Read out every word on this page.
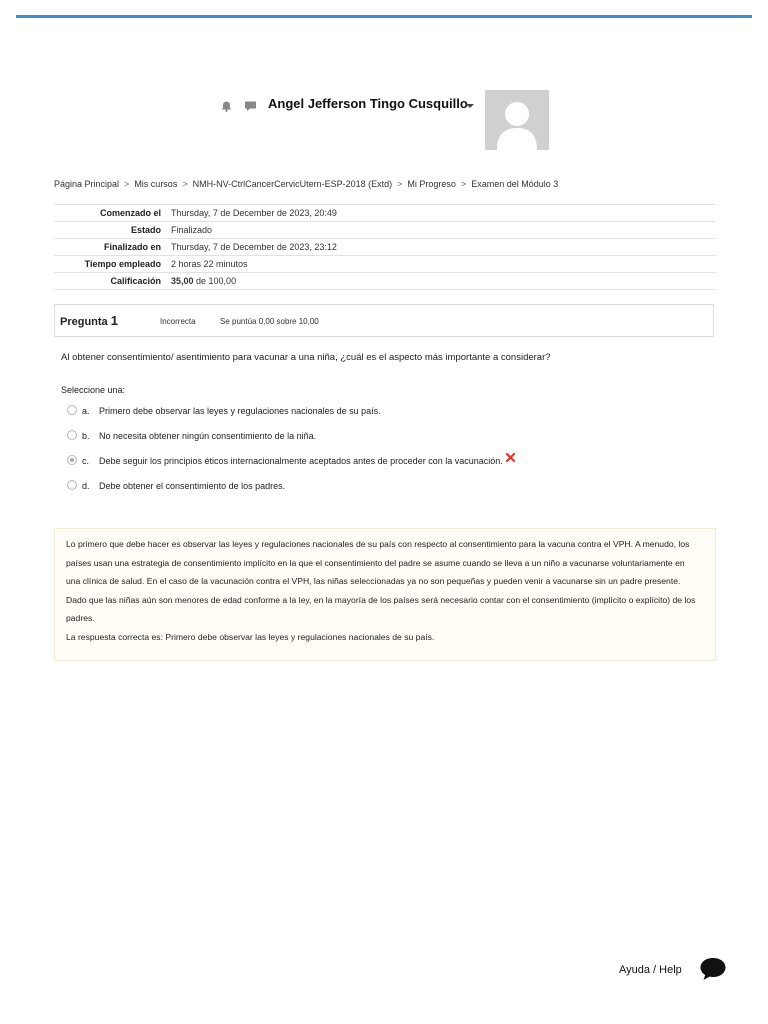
Angel Jefferson Tingo Cusquillo
Página Principal > Mis cursos > NMH-NV-CtrlCancerCervicUtern-ESP-2018 (Extd) > Mi Progreso > Examen del Módulo 3
Comenzado el	Thursday, 7 de December de 2023, 20:49
Estado	Finalizado
Finalizado en	Thursday, 7 de December de 2023, 23:12
Tiempo empleado	2 horas 22 minutos
Calificación	35,00 de 100,00
Pregunta 1	Incorrecta	Se puntúa 0,00 sobre 10,00
Al obtener consentimiento/ asentimiento para vacunar a una niña, ¿cuál es el aspecto más importante a considerar?
Seleccione una:
a. Primero debe observar las leyes y regulaciones nacionales de su país.
b. No necesita obtener ningún consentimiento de la niña.
c. Debe seguir los principios éticos internacionalmente aceptados antes de proceder con la vacunación.
d. Debe obtener el consentimiento de los padres.
Lo primero que debe hacer es observar las leyes y regulaciones nacionales de su país con respecto al consentimiento para la vacuna contra el VPH. A menudo, los países usan una estrategia de consentimiento implícito en la que el consentimiento del padre se asume cuando se lleva a un niño a vacunarse voluntariamente en una clínica de salud. En el caso de la vacunación contra el VPH, las niñas seleccionadas ya no son pequeñas y pueden venir a vacunarse sin un padre presente. Dado que las niñas aún son menores de edad conforme a la ley, en la mayoría de los países será necesario contar con el consentimiento (implícito o explícito) de los padres.
La respuesta correcta es: Primero debe observar las leyes y regulaciones nacionales de su país.
Ayuda / Help
